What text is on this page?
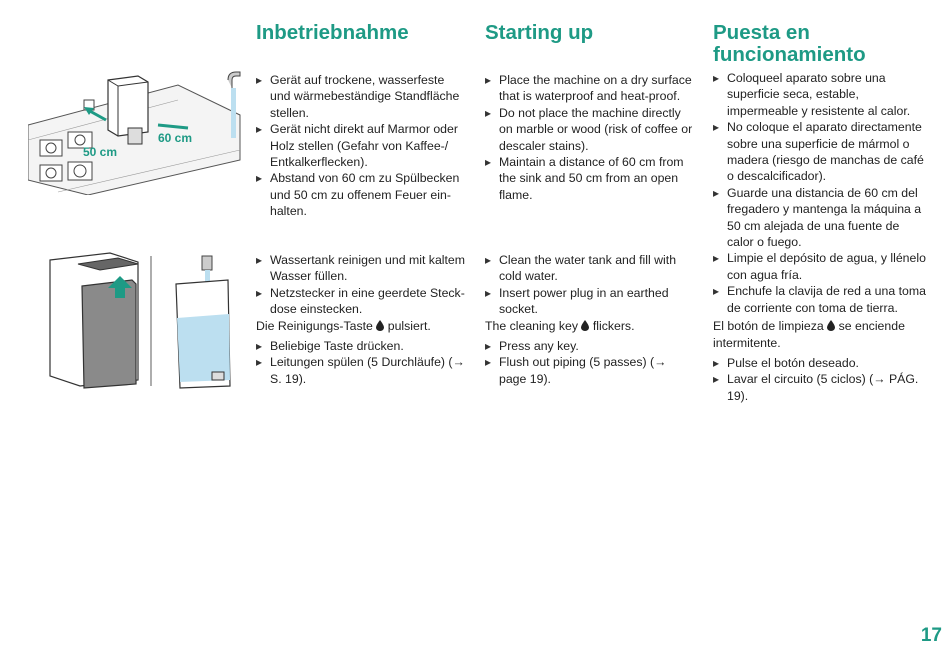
60 cm
50 cm
Inbetriebnahme
▸ Gerät auf trockene, wasserfeste und wärmebeständige Standfläche stellen.
▸ Gerät nicht direkt auf Marmor oder Holz stellen (Gefahr von Kaffee-/ Entkalkerflecken).
▸ Abstand von 60 cm zu Spülbecken und 50 cm zu offenem Feuer ein-halten.
▸ Wassertank reinigen und mit kaltem Wasser füllen.
▸ Netzstecker in eine geerdete Steck-dose einstecken.

Die Reinigungs-Taste pulsiert.

▸ Beliebige Taste drücken.
▸ Leitungen spülen (5 Durchläufe) (→ S. 19).
Starting up
▸ Place the machine on a dry surface that is waterproof and heat-proof.
▸ Do not place the machine directly on marble or wood (risk of coffee or descaler stains).
▸ Maintain a distance of 60 cm from the sink and 50 cm from an open flame.
▸ Clean the water tank and fill with cold water.
▸ Insert power plug in an earthed socket.

The cleaning key flickers.

▸ Press any key.
▸ Flush out piping (5 passes) (→ page 19).
Puesta en funcionamiento
▸ Coloqueel aparato sobre una superficie seca, estable, impermeable y resistente al calor.
▸ No coloque el aparato directamente sobre una superficie de mármol o madera (riesgo de manchas de café o descalcificador).
▸ Guarde una distancia de 60 cm del fregadero y mantenga la máquina a 50 cm alejada de una fuente de calor o fuego.
▸ Limpie el depósito de agua, y llénelo con agua fría.
▸ Enchufe la clavija de red a una toma de corriente con toma de tierra.

El botón de limpieza se enciende intermitente.

▸ Pulse el botón deseado.
▸ Lavar el circuito (5 ciclos) (→ PÁG. 19).
17
